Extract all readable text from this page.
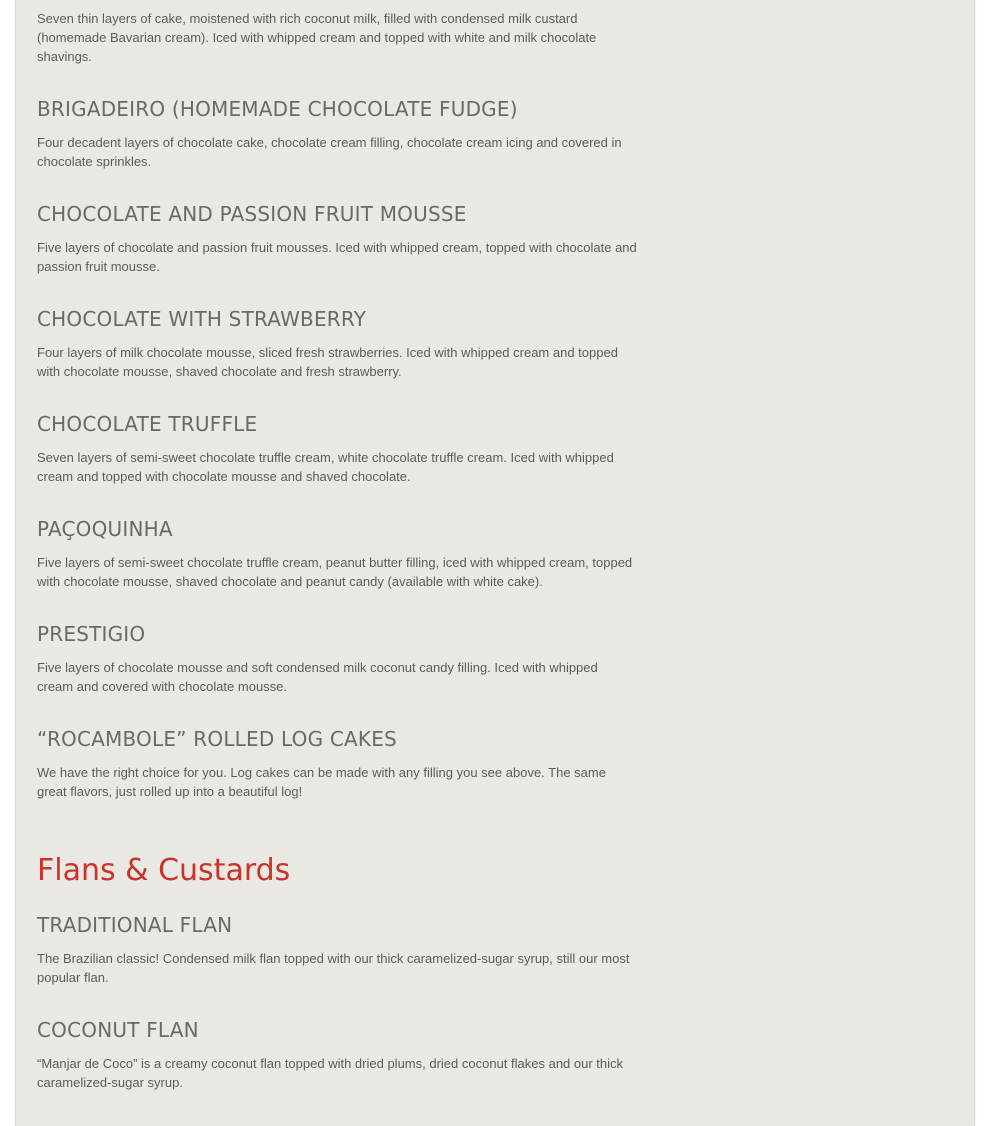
Seven thin layers of cake, moistened with rich coconut milk, filled with condensed milk custard (homemade Bavarian cream). Iced with whipped cream and topped with white and milk chocolate shavings.

BRIGADEIRO (HOMEMADE CHOCOLATE FUDGE)

Four decadent layers of chocolate cake, chocolate cream filling, chocolate cream icing and covered in chocolate sprinkles.

CHOCOLATE AND PASSION FRUIT MOUSSE

Five layers of chocolate and passion fruit mousses. Iced with whipped cream, topped with chocolate and passion fruit mousse.

CHOCOLATE WITH STRAWBERRY

Four layers of milk chocolate mousse, sliced fresh strawberries. Iced with whipped cream and topped with chocolate mousse, shaved chocolate and fresh strawberry.

CHOCOLATE TRUFFLE

Seven layers of semi-sweet chocolate truffle cream, white chocolate truffle cream. Iced with whipped cream and topped with chocolate mousse and shaved chocolate.

PAÇOQUINHA

Five layers of semi-sweet chocolate truffle cream, peanut butter filling, iced with whipped cream, topped with chocolate mousse, shaved chocolate and peanut candy (available with white cake).

PRESTIGIO

Five layers of chocolate mousse and soft condensed milk coconut candy filling. Iced with whipped cream and covered with chocolate mousse.

“ROCAMBOLE” ROLLED LOG CAKES

We have the right choice for you. Log cakes can be made with any filling you see above. The same great flavors, just rolled up into a beautiful log!

Flans & Custards
TRADITIONAL FLAN

The Brazilian classic! Condensed milk flan topped with our thick caramelized-sugar syrup, still our most popular flan.

COCONUT FLAN

“Manjar de Coco” is a creamy coconut flan topped with dried plums, dried coconut flakes and our thick caramelized-sugar syrup.
